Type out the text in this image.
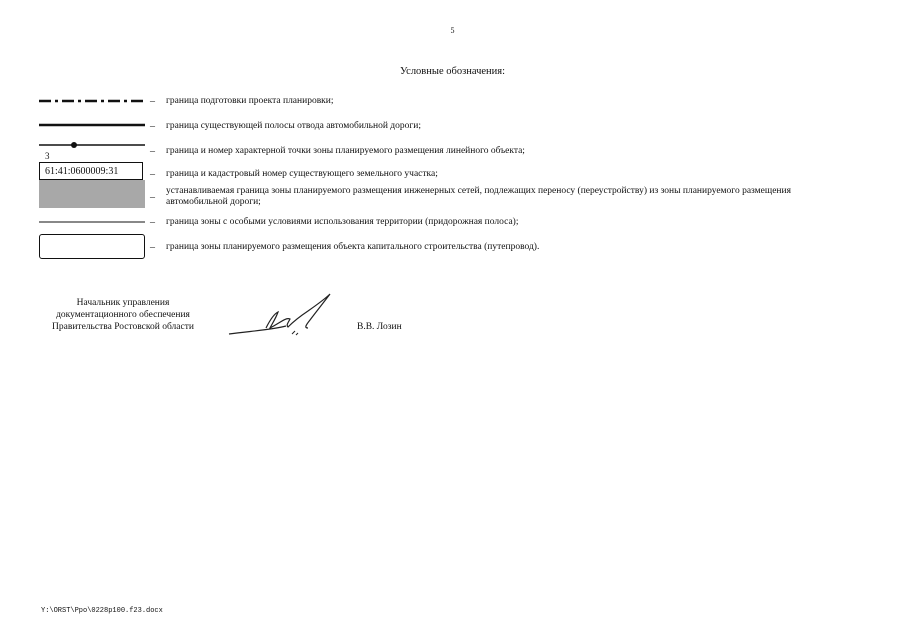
5
Условные обозначения:
– граница подготовки проекта планировки;
– граница существующей полосы отвода автомобильной дороги;
3	– граница и номер характерной точки зоны планируемого размещения линейного объекта;
61:41:0600009:31	– граница и кадастровый номер существующего земельного участка;
–
устанавливаемая граница зоны планируемого размещения инженерных сетей, подлежащих переносу (переустройству) из зоны планируемого размещения автомобильной дороги;
– граница зоны с особыми условиями использования территории (придорожная полоса);
– граница зоны планируемого размещения объекта капитального строительства (путепровод).
Начальник управления
документационного обеспечения
Правительства Ростовской области	В.В. Лозин
Y:\ORST\Ppo\0228p100.f23.docx
